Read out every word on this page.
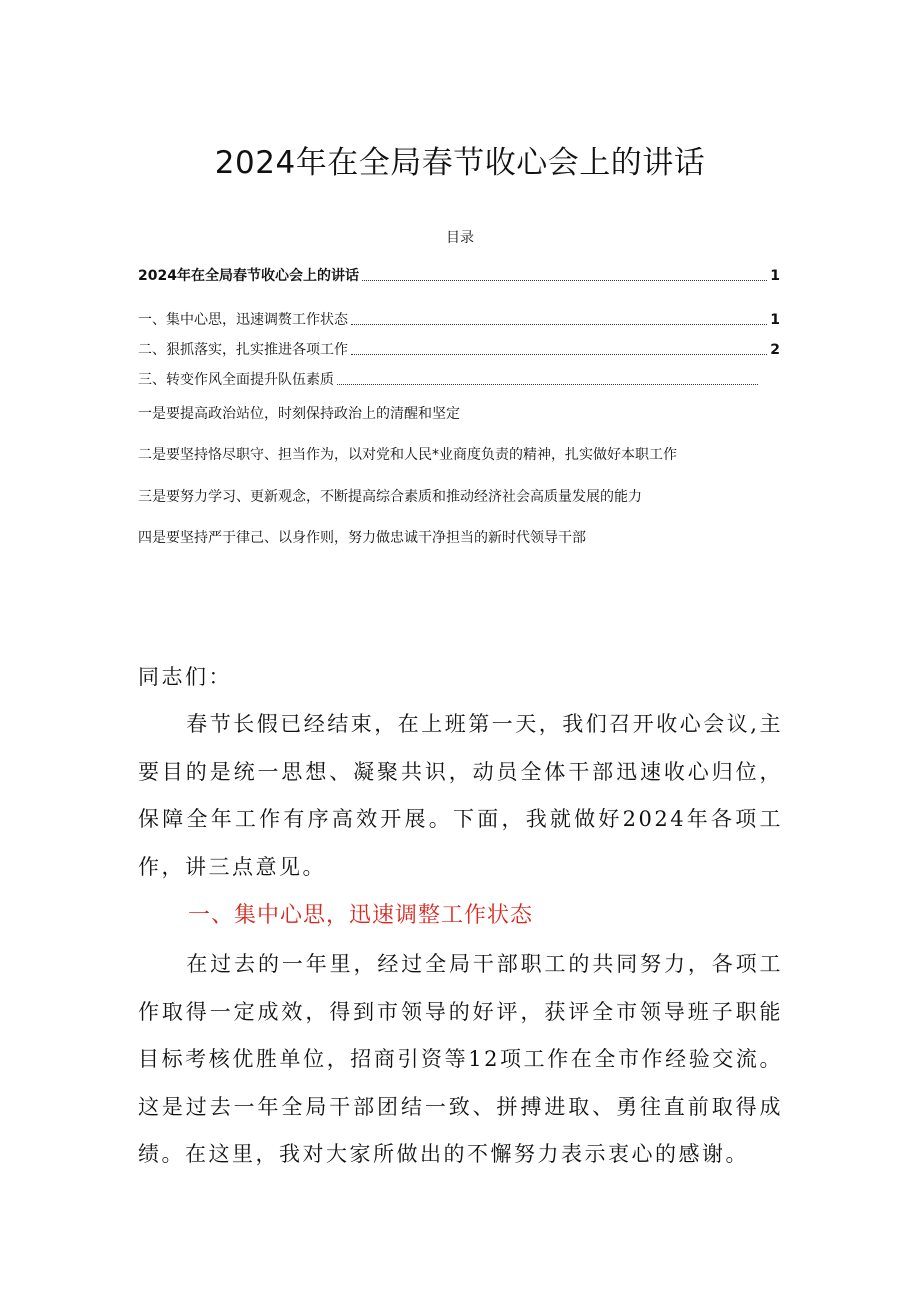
2024年在全局春节收心会上的讲话
目录
2024年在全局春节收心会上的讲话	1
一、集中心思，迅速调赘工作状态	1
二、狠抓落实，扎实推进各项工作	2
三、转变作风全面提升队伍素质
一是要提高政治站位，时刻保持政治上的清醒和坚定
二是要坚持恪尽职守、担当作为，以对党和人民*业商度负责的精神，扎实做好本职工作
三是要努力学习、更新观念，不断提高综合素质和推动经济社会高质量发展的能力
四是要坚持严于律己、以身作则，努力做忠诚干净担当的新时代领导干部
同志们：

春节长假已经结束，在上班第一天，我们召开收心会议,主要目的是统一思想、凝聚共识，动员全体干部迅速收心归位，保障全年工作有序高效开展。下面，我就做好2024年各项工作，讲三点意见。

一、集中心思，迅速调整工作状态

在过去的一年里，经过全局干部职工的共同努力，各项工作取得一定成效，得到市领导的好评，获评全市领导班子职能目标考核优胜单位，招商引资等12项工作在全市作经验交流。这是过去一年全局干部团结一致、拼搏进取、勇往直前取得成绩。在这里，我对大家所做出的不懈努力表示衷心的感谢。
